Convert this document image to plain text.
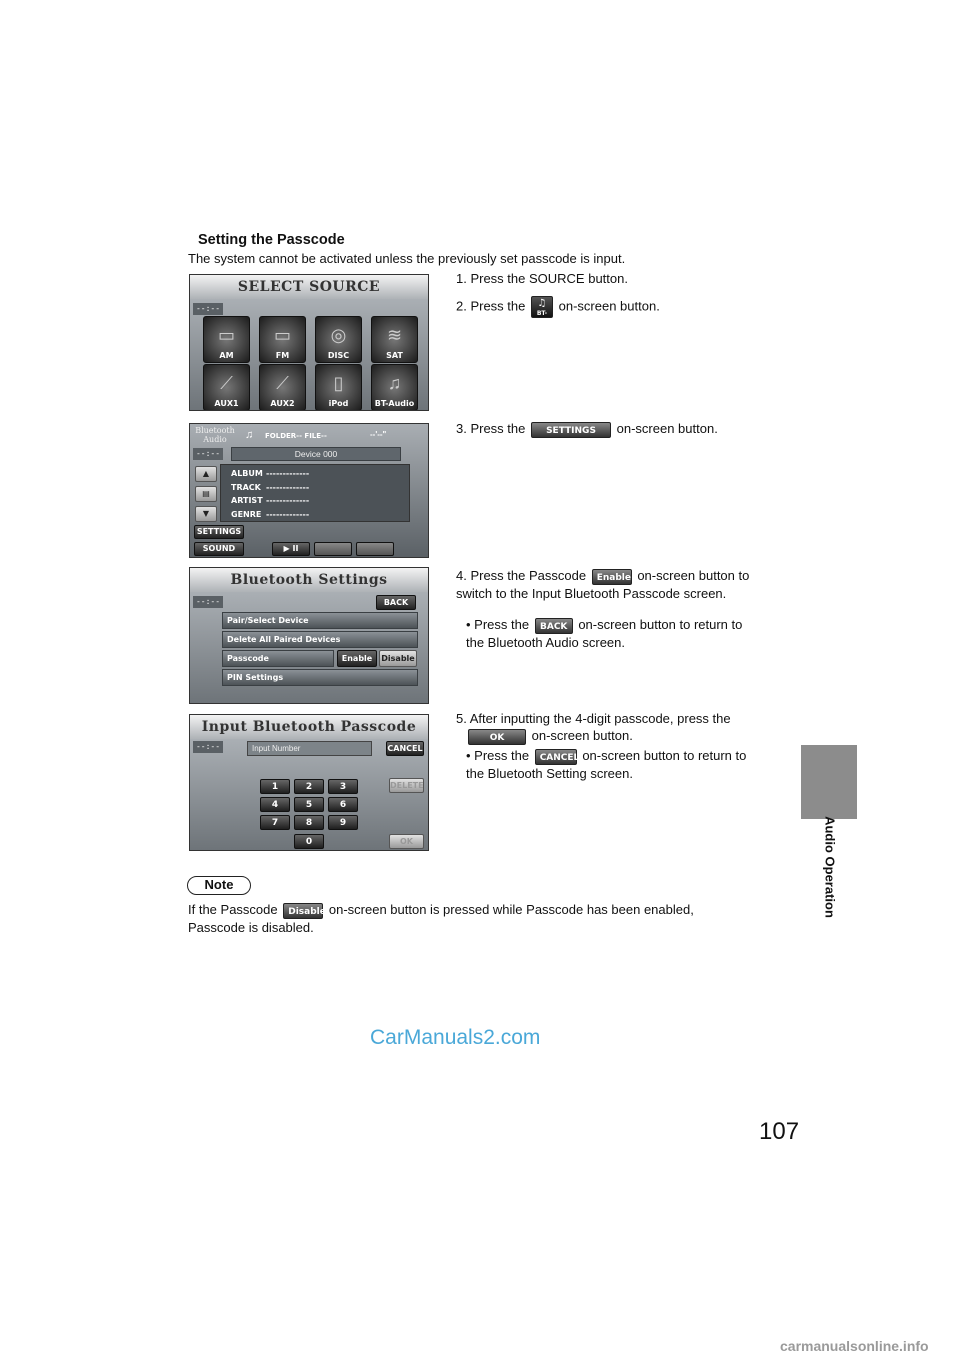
Setting the Passcode
The system cannot be activated unless the previously set passcode is input.
SELECT SOURCE
--:--
▭
AM
▭
FM
◎
DISC
≋
SAT
⟋
AUX1
⟋
AUX2
▯
iPod
♫
BT-Audio
1. Press the SOURCE button.
2. Press the	♫
BT-Audio on-screen button.
Bluetooth Audio	♫ FOLDER-- FILE--	--'--"
--:--	Device 000
▲
▤
▼
ALBUM -------------
TRACK -------------
ARTIST -------------
GENRE -------------
SETTINGS
SOUND	▶ II
3. Press the SETTINGS on-screen button.
Bluetooth Settings
--:--	BACK
Pair/Select Device
Delete All Paired Devices
Passcode	Enable	Disable
PIN Settings
4. Press the Passcode Enable on-screen button to switch to the Input Bluetooth Passcode screen.
• Press the BACK on-screen button to return to the Bluetooth Audio screen.
Input Bluetooth Passcode
--:--	Input Number	CANCEL
DELETE
OK
1	2	3
4	5	6
7	8	9
0
5. After inputting the 4-digit passcode, press the
OK on-screen button.
• Press the CANCEL on-screen button to return to the Bluetooth Setting screen.
Note
If the Passcode Disable on-screen button is pressed while Passcode has been enabled, Passcode is disabled.
Audio Operation
107
CarManuals2.com
carmanualsonline.info
